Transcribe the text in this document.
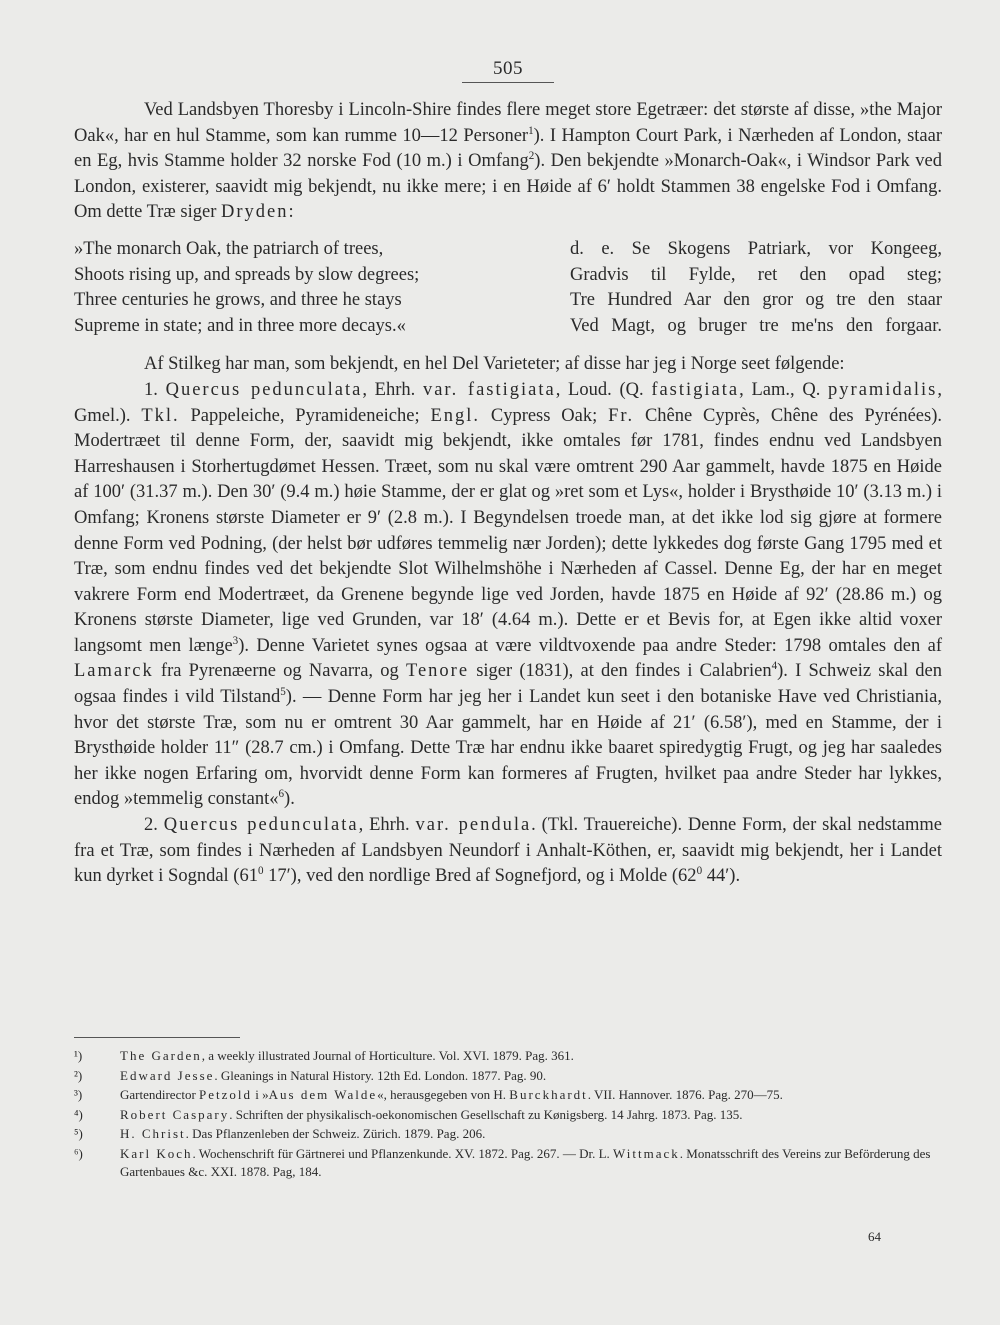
505

Ved Landsbyen Thoresby i Lincoln-Shire findes flere meget store Egetræer: det største af disse, »the Major Oak«, har en hul Stamme, som kan rumme 10—12 Personer$^1$). I Hampton Court Park, i Nærheden af London, staar en Eg, hvis Stamme holder 32 norske Fod (10 m.) i Omfang$^2$). Den bekjendte »Monarch-Oak«, i Windsor Park ved London, existerer, saavidt mig bekjendt, nu ikke mere; i en Høide af 6′ holdt Stammen 38 engelske Fod i Omfang. Om dette Træ siger Dryden:

»The monarch Oak, the patriarch of trees,
Shoots rising up, and spreads by slow degrees;
Three centuries he grows, and three he stays
Supreme in state; and in three more decays.«
d. e. Se Skogens Patriark, vor Kongeeg,
Gradvis til Fylde, ret den opad steg;
Tre Hundred Aar den gror og tre den staar
Ved Magt, og bruger tre me'ns den forgaar.

Af Stilkeg har man, som bekjendt, en hel Del Varieteter; af disse har jeg i Norge seet følgende:

1. Quercus pedunculata, Ehrh. var. fastigiata, Loud. (Q. fastigiata, Lam., Q. pyramidalis, Gmel.). Tkl. Pappeleiche, Pyramideneiche; Engl. Cypress Oak; Fr. Chêne Cyprès, Chêne des Pyrénées). Modertræet til denne Form, der, saavidt mig bekjendt, ikke omtales før 1781, findes endnu ved Landsbyen Harreshausen i Storhertugdømet Hessen. Træet, som nu skal være omtrent 290 Aar gammelt, havde 1875 en Høide af 100′ (31.37 m.). Den 30′ (9.4 m.) høie Stamme, der er glat og »ret som et Lys«, holder i Brysthøide 10′ (3.13 m.) i Omfang; Kronens største Diameter er 9′ (2.8 m.). I Begyndelsen troede man, at det ikke lod sig gjøre at formere denne Form ved Podning, (der helst bør udføres temmelig nær Jorden); dette lykkedes dog første Gang 1795 med et Træ, som endnu findes ved det bekjendte Slot Wilhelmshöhe i Nærheden af Cassel. Denne Eg, der har en meget vakrere Form end Modertræet, da Grenene begynde lige ved Jorden, havde 1875 en Høide af 92′ (28.86 m.) og Kronens største Diameter, lige ved Grunden, var 18′ (4.64 m.). Dette er et Bevis for, at Egen ikke altid voxer langsomt men længe$^3$). Denne Varietet synes ogsaa at være vildtvoxende paa andre Steder: 1798 omtales den af Lamarck fra Pyrenæerne og Navarra, og Tenore siger (1831), at den findes i Calabrien$^4$). I Schweiz skal den ogsaa findes i vild Tilstand$^5$). — Denne Form har jeg her i Landet kun seet i den botaniske Have ved Christiania, hvor det største Træ, som nu er omtrent 30 Aar gammelt, har en Høide af 21′ (6.58′), med en Stamme, der i Brysthøide holder 11″ (28.7 cm.) i Omfang. Dette Træ har endnu ikke baaret spiredygtig Frugt, og jeg har saaledes her ikke nogen Erfaring om, hvorvidt denne Form kan formeres af Frugten, hvilket paa andre Steder har lykkes, endog »temmelig constant«$^6$).

2. Quercus pedunculata, Ehrh. var. pendula. (Tkl. Trauereiche). Denne Form, der skal nedstamme fra et Træ, som findes i Nærheden af Landsbyen Neundorf i Anhalt-Köthen, er, saavidt mig bekjendt, her i Landet kun dyrket i Sogndal ($61^0$ 17′), ved den nordlige Bred af Sognefjord, og i Molde ($62^0$ 44′).

¹)	The Garden, a weekly illustrated Journal of Horticulture. Vol. XVI. 1879. Pag. 361.
²)	Edward Jesse. Gleanings in Natural History. 12th Ed. London. 1877. Pag. 90.
³)	Gartendirector Petzold i »Aus dem Walde«, herausgegeben von H. Burckhardt. VII. Hannover. 1876. Pag. 270—75.
⁴)	Robert Caspary. Schriften der physikalisch-oekonomischen Gesellschaft zu Kønigsberg. 14 Jahrg. 1873. Pag. 135.
⁵)	H. Christ. Das Pflanzenleben der Schweiz. Zürich. 1879. Pag. 206.
⁶)	Karl Koch. Wochenschrift für Gärtnerei und Pflanzenkunde. XV. 1872. Pag. 267. — Dr. L. Wittmack. Monatsschrift des Vereins zur Beförderung des Gartenbaues &c. XXI. 1878. Pag, 184.
64
